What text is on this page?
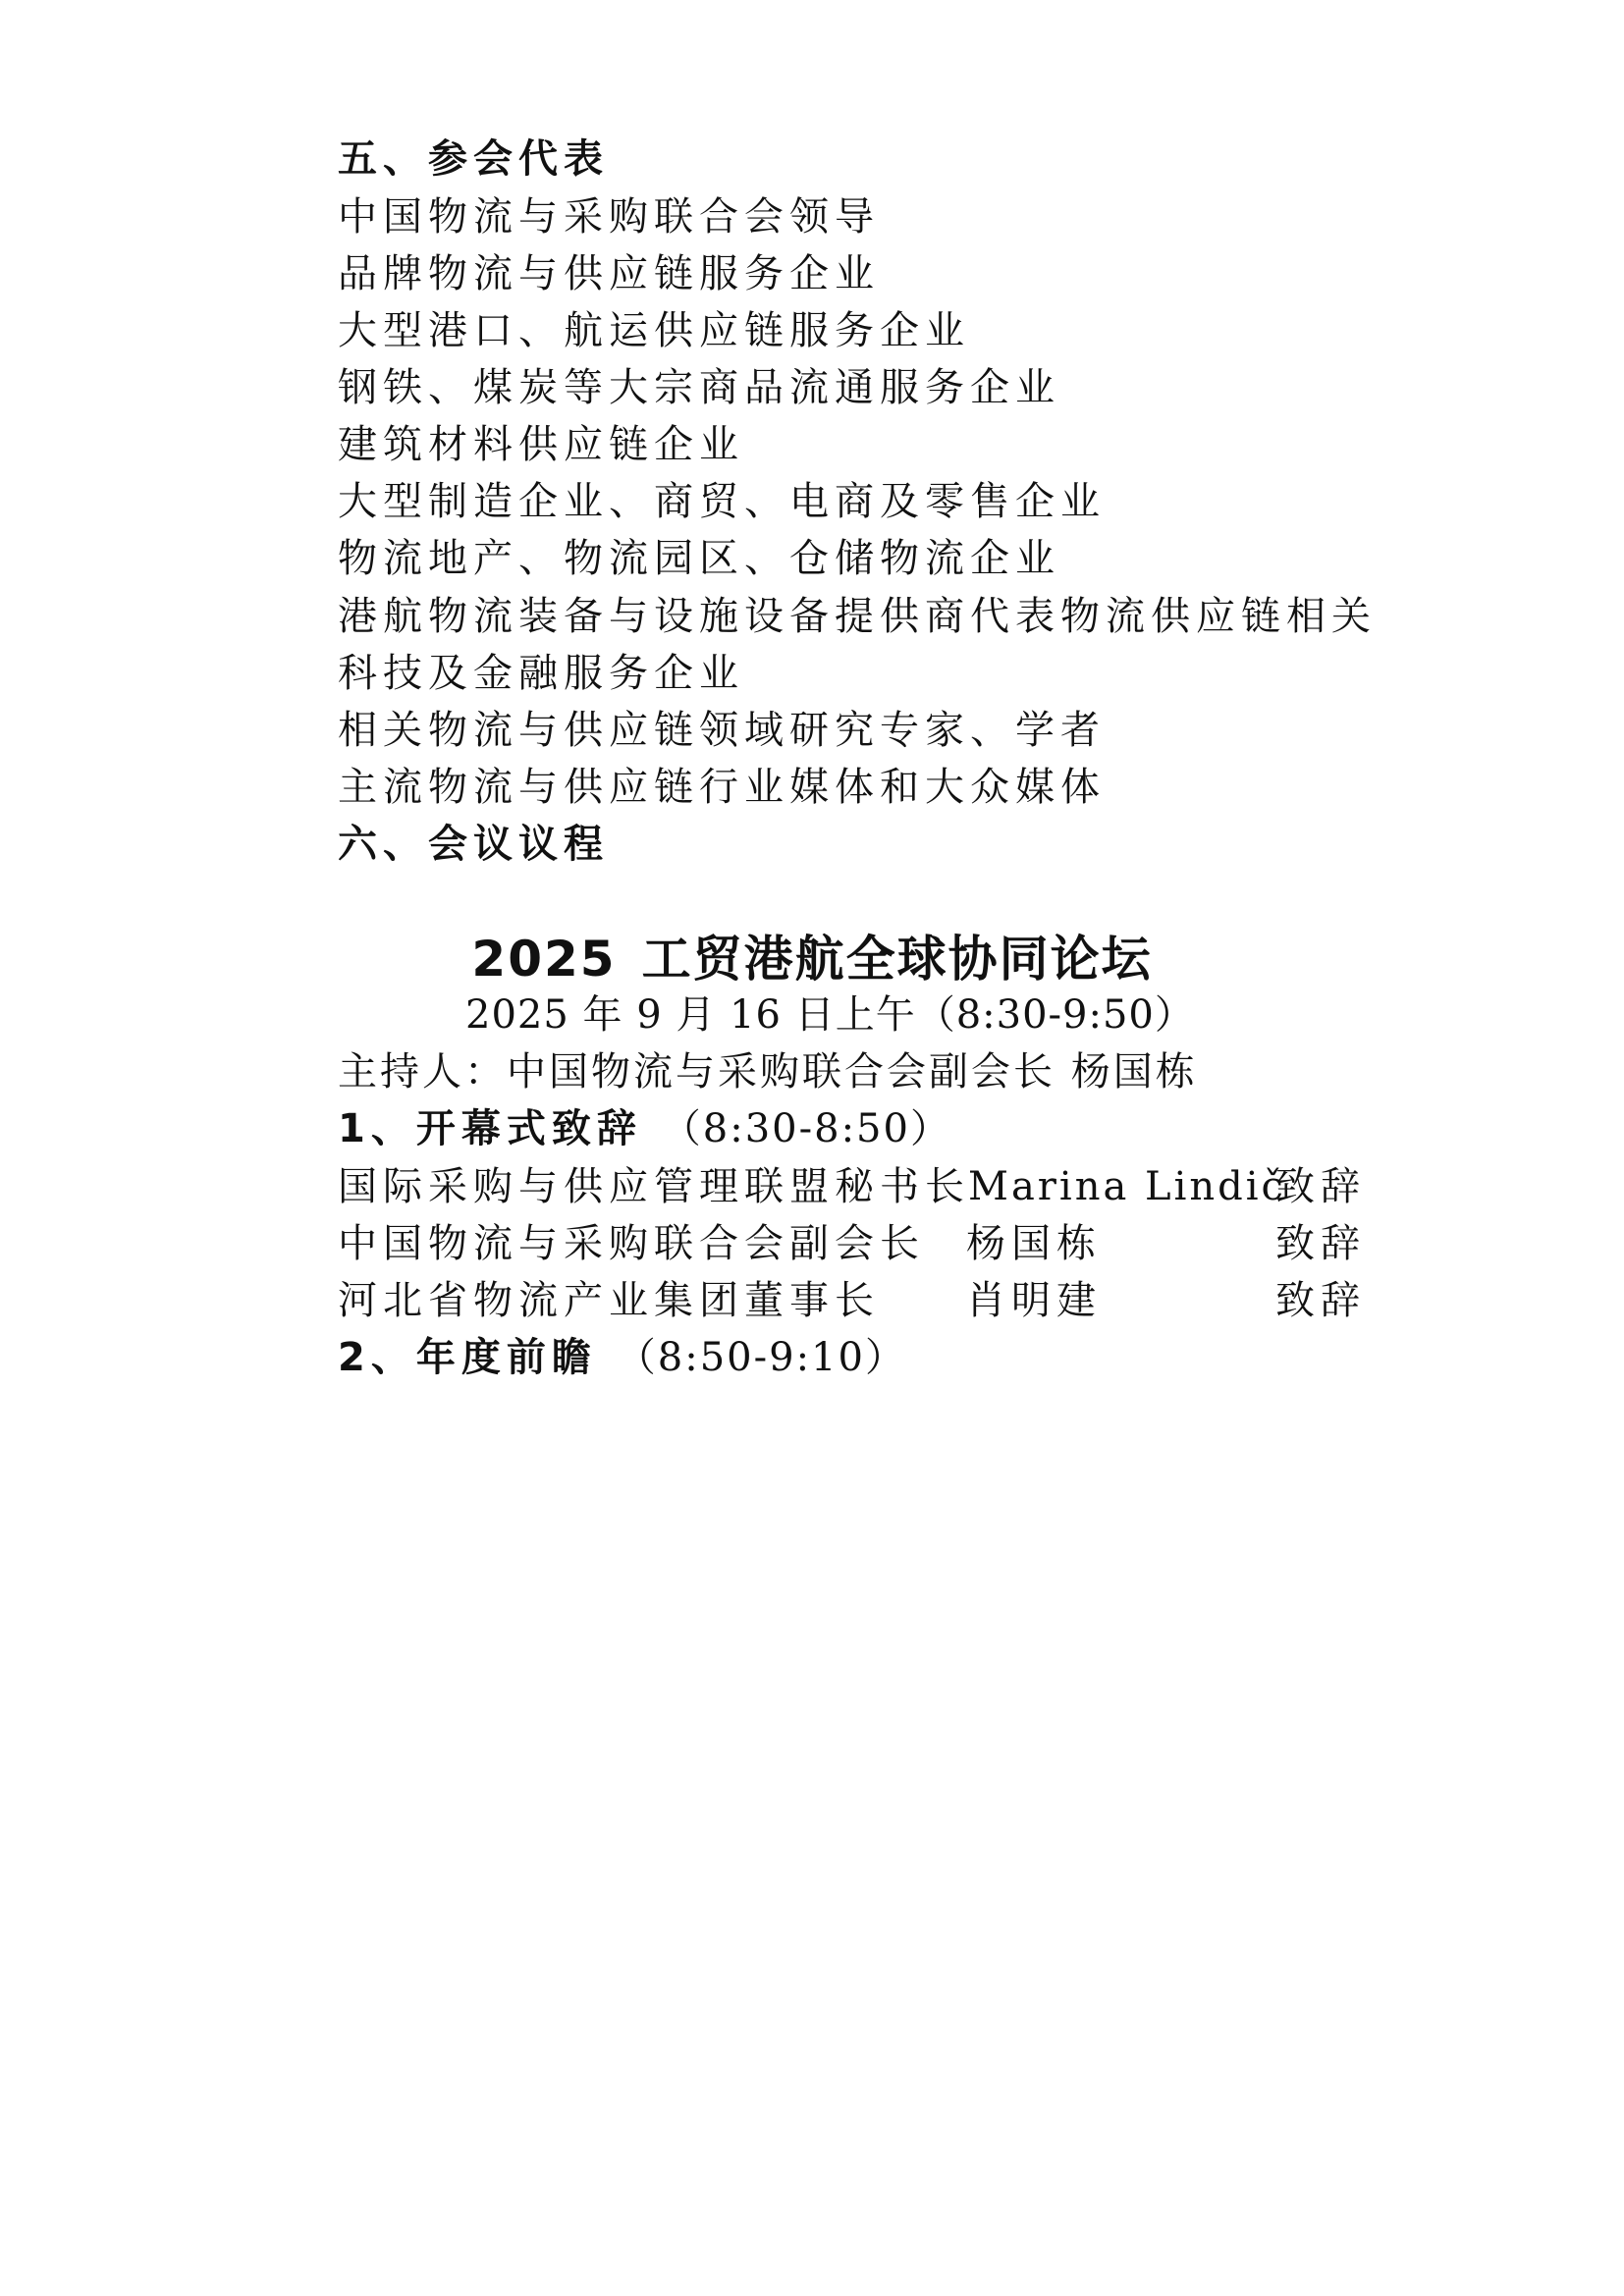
五、参会代表
中国物流与采购联合会领导
品牌物流与供应链服务企业
大型港口、航运供应链服务企业
钢铁、煤炭等大宗商品流通服务企业
建筑材料供应链企业
大型制造企业、商贸、电商及零售企业
物流地产、物流园区、仓储物流企业
港航物流装备与设施设备提供商代表物流供应链相关
科技及金融服务企业
相关物流与供应链领域研究专家、学者
主流物流与供应链行业媒体和大众媒体
六、会议议程
2025 工贸港航全球协同论坛
2025 年 9 月 16 日上午（8:30-9:50）
主持人：中国物流与采购联合会副会长 杨国栋
1、开幕式致辞 （8:30-8:50）
国际采购与供应管理联盟秘书长
Marina Lindič
致辞
中国物流与采购联合会副会长 杨国栋	致辞
河北省物流产业集团董事长 肖明建	致辞
2、年度前瞻 （8:50-9:10）
